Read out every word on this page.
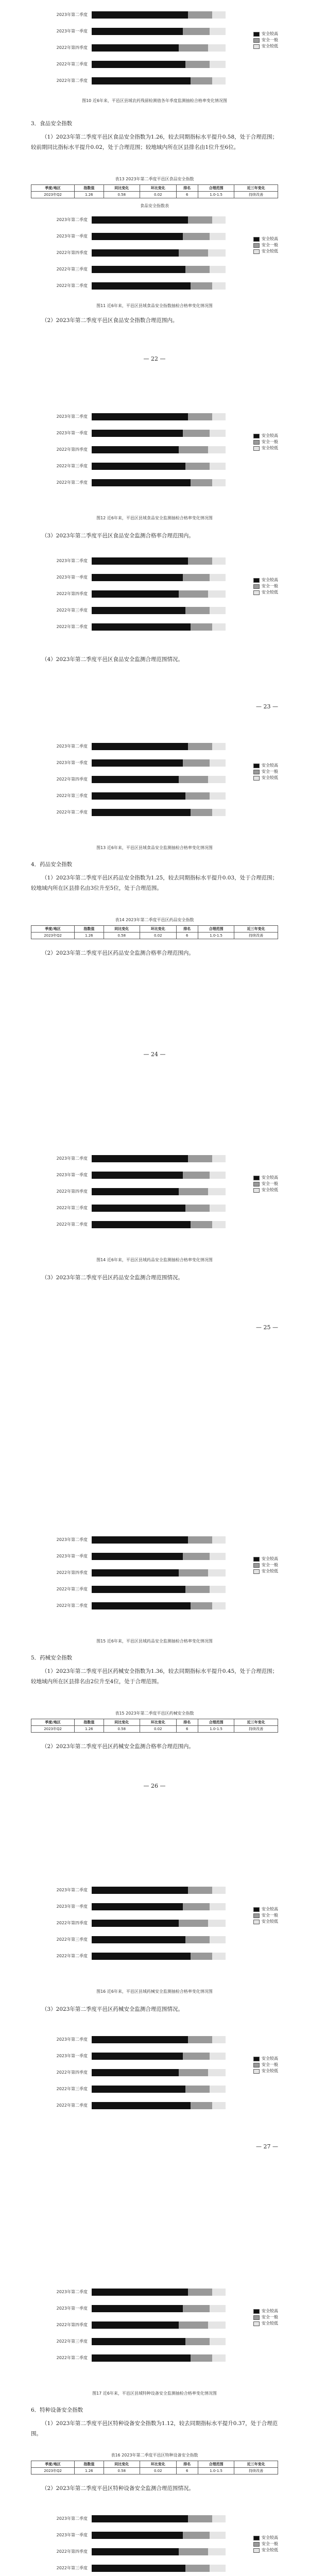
2023年第二季度
2023年第一季度
2022年第四季度
2022年第三季度
2022年第二季度
安全较高
安全一般
安全较低
图10 近6年来，平邑区县域农药残留检测值各年季度监测抽检合格率变化情况图
3．食品安全指数
（1）2023年第二季度平邑区食品安全指数为1.26，较去同期指标水平提升0.58，处于合理范围；较前期同比指标水平提升0.02，处于合理范围；较地域内所在区县排名由1位升至6位。
表13 2023年第二季度平邑区食品安全指数
季度/地区	指数值	同比变化	环比变化	排名	合理范围	近三年变化
2023年Q2	1.26	0.58	0.02	6	1.0-1.5	持续改善
食品安全指数表
2023年第二季度
2023年第一季度
2022年第四季度
2022年第三季度
2022年第二季度
安全较高
安全一般
安全较低
图11 近6年来，平邑区县域食品安全指数抽检合格率变化情况图
（2）2023年第二季度平邑区食品安全指数合理范围内。
— 22 —
2023年第二季度
2023年第一季度
2022年第四季度
2022年第三季度
2022年第二季度
安全较高
安全一般
安全较低
图12 近6年来，平邑区县域食品安全监测抽检合格率变化情况图
（3）2023年第二季度平邑区食品安全监测合格率合理范围内。
2023年第二季度
2023年第一季度
2022年第四季度
2022年第三季度
2022年第二季度
安全较高
安全一般
安全较低
（4）2023年第二季度平邑区食品安全监测合理范围情况。
— 23 —
2023年第二季度
2023年第一季度
2022年第四季度
2022年第三季度
2022年第二季度
安全较高
安全一般
安全较低
图13 近6年来，平邑区县域食品安全监测抽检合格率变化情况图
4．药品安全指数
（1）2023年第二季度平邑区药品安全指数为1.25，较去同期指标水平提升0.03，处于合理范围；较地域内所在区县排名由3位升至5位，处于合理范围。
表14 2023年第二季度平邑区药品安全指数
季度/地区	指数值	同比变化	环比变化	排名	合理范围	近三年变化
2023年Q2	1.26	0.58	0.02	6	1.0-1.5	持续改善
（2）2023年第二季度平邑区药品安全监测合格率合理范围内。
— 24 —
2023年第二季度
2023年第一季度
2022年第四季度
2022年第三季度
2022年第二季度
安全较高
安全一般
安全较低
图14 近6年来，平邑区县域药品安全监测抽检合格率变化情况图
（3）2023年第二季度平邑区药品安全监测合理范围情况。
— 25 —
2023年第二季度
2023年第一季度
2022年第四季度
2022年第三季度
2022年第二季度
安全较高
安全一般
安全较低
图15 近6年来，平邑区县域药品安全监测抽检合格率变化情况图
5．药械安全指数
（1）2023年第二季度平邑区药械安全指数为1.36，较去同期指标水平提升0.45，处于合理范围；较地域内所在区县排名由2位升至4位，处于合理范围。
表15 2023年第二季度平邑区药械安全指数
季度/地区	指数值	同比变化	环比变化	排名	合理范围	近三年变化
2023年Q2	1.26	0.58	0.02	6	1.0-1.5	持续改善
（2）2023年第二季度平邑区药械安全监测合格率合理范围内。
— 26 —
2023年第二季度
2023年第一季度
2022年第四季度
2022年第三季度
2022年第二季度
安全较高
安全一般
安全较低
图16 近6年来，平邑区县域药械安全监测抽检合格率变化情况图
（3）2023年第二季度平邑区药械安全监测合理范围情况。
2023年第二季度
2023年第一季度
2022年第四季度
2022年第三季度
2022年第二季度
安全较高
安全一般
安全较低
— 27 —
2023年第二季度
2023年第一季度
2022年第四季度
2022年第三季度
2022年第二季度
安全较高
安全一般
安全较低
图17 近6年来，平邑区县域特种设备安全监测抽检合格率变化情况图
6．特种设备安全指数
（1）2023年第二季度平邑区特种设备安全指数为1.12，较去同期指标水平提升0.37，处于合理范围。
表16 2023年第二季度平邑区特种设备安全指数
季度/地区	指数值	同比变化	环比变化	排名	合理范围	近三年变化
2023年Q2	1.26	0.58	0.02	6	1.0-1.5	持续改善
（2）2023年第二季度平邑区特种设备安全监测合理范围情况。
2023年第二季度
2023年第一季度
2022年第四季度
2022年第三季度
安全较高
安全一般
安全较低
